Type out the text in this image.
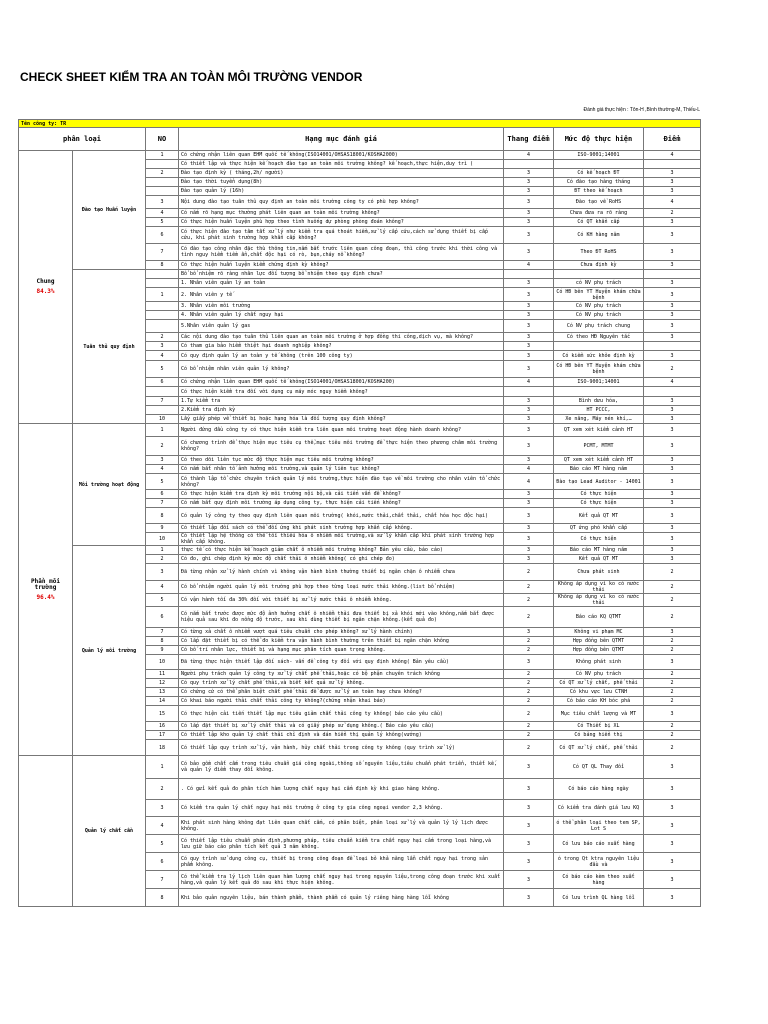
CHECK SHEET KIỂM TRA AN TOÀN MÔI TRƯỜNG VENDOR
Đánh giá thực hiện : Tôn-H ,Bình thường-M, Thiếu-L
Tên công ty: TR						
phân loại		NO	Hạng mục đánh giá	Thang điểm	Mức độ thực hiện	Điểm

Chung
84.3%	Đào tạo Huấn luyện	1	Có chứng nhận liên quan EHM quốc tế không(ISO14001/OHSAS18001/KOSHA2000)	4	ISO-9001;14001	4
			Có thiết lập và thực hiện kế hoạch đào tạo an toàn môi trường không? kế hoạch,thực hiện,duy trì (			
		2	Đào tạo định kỳ ( tháng,2h/ người)	3	Có kế hoạch ĐT	3
			Đào tạo thời tuyển dụng(8h)	3	Có đào tạo hàng tháng	3
			Đào tạo quản lý (16h)	3	ĐT theo kế hoạch	3
		3	Nội dung đào tạo tuân thủ quy định an toàn môi trường công ty có phù hợp không?	3	Đào tạo về RoHS	4
		4	Có nắm rõ hạng mục thường phát liên quan an toàn môi trường không?	3	Chưa đưa ra rõ ràng	2
		5	Có thực hiện huấn luyện phù hợp theo tình huống dự phòng phòng đoán không?	3	Có QT khẩn cấp	3
		6	Có thực hiện đào tạo tâm tất xử lý như kiểm tra quá thoát hiểm,xử lý cấp cứu,cách sử dụng thiết bị cấp cứu, khi phát sinh trường hợp khẩn cấp không?	3	Có KH hàng năm	3
		7	Có đào tạo công nhân đặc thù thông tin,nắm bắt trước liên quan công đoạn, thì công trước khi thời công và tình nguy hiểm tiềm ẩn,chất độc hại có rò, bụn,cháy nổ không?	3	Theo ĐT RoHS	3
		8	Có thực hiện huấn luyện kiểm chứng định kỳ không?	4	Chưa định kỳ	3
	Tuân thủ quy định		Bổ bổ nhiệm rõ ràng nhân lực đối tượng bổ nhiệm theo quy định chưa?			
			1. Nhân viên quản lý an toàn	3	có NV phụ trách	3
		1	2. Nhân viên y tế	3	Có HĐ bên YT Huyện khám chữa bệnh	3
			3. Nhân viên môi trường	3	Có NV phụ trách	3
			4. Nhân viên quản lý chất nguy hại	3	Có NV phụ trách	3
			5.Nhân viên quản lý gas	3	Có NV phụ trách chung	3
		2	Các nội dung đào tạo tuân thủ liên quan an toàn môi trường ở hợp đồng thi công,dịch vụ, mà không?	3	Có theo HĐ Nguyên tắc	3
		3	Có tham gia bảo hiểm thiệt hại doanh nghiệp không?	3		
		4	Có quy định quản lý an toàn y tế không (trên 100 công ty)	3	Có kiểm sức khỏe định kỳ	3
		5	Có bổ nhiệm nhân viên quản lý không?	3	Có HĐ bên YT Huyện khám chữa bệnh	2
		6	Có chứng nhận liên quan EHM quốc tế không(ISO14001/OHSAS18001/KOSHA200)	4	ISO-9001;14001	4
			Có thực hiện kiểm tra đối với dụng cụ máy móc nguy hiểm không?			
		7	1.Tự kiểm tra	3	Bình dưu hóa,	3
			2.Kiểm tra định kỳ	3	HT PCCC,	3
		10	Lấy giấy phép về thiết bị hoặc hạng hóa là đối tượng quy định không?	3	Xe nâng, Máy nén khí,…	3

Phần môi trường
96.4%	Môi trường hoạt động	1	Người đứng đầu công ty có thực hiện kiểm tra liên quan môi trường hoạt động hành doanh không?	3	QT xem xét kiểm cảnh HT	3
		2	Có chương trình để thực hiện mục tiêu cụ thể,mục tiêu môi trường để thực hiện theo phương châm môi trường không?	3	PCMT, MTMT	3
		3	Có theo dõi liên tục mức độ thực hiện mục tiêu môi trường không?	3	QT xem xét kiểm cảnh HT	3
		4	Có nắm bắt nhân tố ảnh hưởng môi trường,và quản lý liên tục không?	4	Báo cáo MT hàng năm	3
		5	Có thành lập tổ chức chuyên trách quản lý môi trường,thực hiện đào tạo về môi trường cho nhân viên tổ chức không?	4	Đào tạo Lead Auditor - 14001	3
		6	Có thực hiện kiểm tra định kỳ môi trường nội bộ,và cải tiến vấn đề không?	3	Có thực hiện	3
		7	Có nắm bắt quy định môi trường áp dụng công ty, thực hiện cải tiến không?	3	Có thực hiện	3
		8	Có quản lý công ty theo quy định liên quan môi trường( khói,nước thải,chất thải, chất hóa học độc hại)	3	Kết quả QT MT	3
		9	Có thiết lập đối sách có thể đối ứng khi phát sinh trường hợp khẩn cấp không.	3	QT ứng phó khẩn cấp	3
		10	Có thiết lập hệ thống có thể tối thiểu hóa ô nhiễm môi trường,và xử lý khẩn cấp khi phát sinh trường hợp khẩn cấp không.	3	Có thực hiện	3
	Quản lý môi trường	1	thực tế có thực hiện kế hoạch giảm chất ô nhiễm môi trường không? Bản yêu cầu, báo cáo)	3	Báo cáo MT hàng năm	3
		2	Có đo, ghi chép định kỳ mức độ chất thải ô nhiễm không( có ghi chép đo)	3	Kết quả QT MT	3
		3	Đã từng nhận xử lý hành chính vì không vận hành bình thường thiết bị ngăn chặn ô nhiễm chưa	2	Chưa phát sinh	2
		4	Có bổ nhiệm người quản lý môi trường phù hợp theo từng loại nước thải không.(list bổ nhiệm)	2	Không áp dụng vì ko có nước thải	2
		5	Có vận hành tối đa 30% đối với thiết bị xử lý nước thải ô nhiễm không.	2	Không áp dụng vì ko có nước thải	2
		6	Có nắm bắt trước được mức độ ảnh hưởng chất ô nhiễm thải đưa thiết bị xả khói mới vào không,nắm bắt được hiệu quả sau khi đo nồng độ trước, sau khi dùng thiết bị ngăn chặn không.(kết quả đo)	2	Báo cáo KQ QTMT	2
		7	Có từng xả chất ô nhiễm vượt quá tiêu chuẩn cho phép không? xử lý hành chính)	3	Không vi phạm MC	3
		8	Có lắp đặt thiết bị có thể đo kiểm tra vận hành bình thường trên thiết bị ngăn chặn không	2	Hợp đồng bên QTMT	2
		9	Có bố trí nhân lực, thiết bị và hạng mục phân tích quan trọng không.	2	Hợp đồng bên QTMT	2
		10	Đã từng thực hiện thiết lập đối sách- vấn đề công ty đối với quy định không( Bản yêu cầu)	3	Không phát sinh	3
		11	Người phụ trách quản lý công ty xử lý chất phế thải,hoặc có bộ phận chuyên trách không	2	Có NV phụ trách	2
		12	Có quy trình xử lý chất phế thải,và biết kết quả xử lý không.	2	Có QT xử lý chất, phế thải	2
		13	Có chứng cứ có thể phân biệt chất phế thải để được xử lý an toàn hay chưa không?	2	Có khu vực lưu CTNH	2
		14	Có khai báo người thải chất thải công ty không?(chứng nhận khai báo)	2	Có báo cáo KH bóc phá	2
		15	Có thực hiện cải tiến thiết lập mục tiêu giảm chất thải công ty không( báo cáo yêu cầu)	2	Mục tiêu chất lượng và MT	3
		16	Có lắp đặt thiết bị xử lý chất thải và có giấy phép sử dụng không.( Báo cáo yêu cầu)	2	Có Thiết bị XL	2
		17	Có thiết lập kho quản lý chất thải chỉ định và dán hiển thị quản lý không(vướng)	2	Có bảng hiển thị	2
		18	Có thiết lập quy trình xử lý, vận hành, hủy chất thải trong công ty không (quy trình xử lý)	2	Có QT xử lý chất, phế thải	2
	Quản lý chất cần	1	Có bảo gồm chất cấm trong tiêu chuẩn giá công ngoài,thông số nguyên liệu,tiêu chuẩn phát triển, thiết kế, và quản lý điểm thay đổi không.	3	Có QT QL Thay đổi	3
		2	. Có gửi kết quả đo phân tích hàm lượng chất nguy hại cấm định kỳ khi giao hàng không.	3	Có báo cáo hàng ngày	3
		3	Có kiểm tra quản lý chất nguy hại môi trường ở công ty gia công ngoại vendor 2,3 không.	3	Có kiểm tra đánh giá lưu KQ	3
		4	Khi phát sinh hàng không đạt liên quan chất cấm, có phân biệt, phân loại xử lý và quản lý lý lịch được không.	3	ó thể phân loại theo tem SP, Lot S	3
		5	Có thiết lập tiêu chuẩn phán định,phương pháp, tiêu chuẩn kiểm tra chất nguy hại cấm trong loại hàng,và lưu giữ báo cáo phân tích kết quả 3 năm không.	3	Có lưu báo cáo xuất hàng	3
		6	Có quy trình sử dụng công cụ, thiết bị trong công đoạn để loại bỏ khả năng lẫn chất nguy hại trong sản phẩm không.	3	ó trong Qt ktra nguyên liệu đầu và	3
		7	Có thể kiểm tra lý lịch liên quan hàm lượng chất nguy hại trong nguyên liệu,trong công đoạn trước khi xuất hàng,và quản lý kết quả đó sau khi thực hiện không.	3	Có báo cáo kèm theo xuất hàng	3
		8	Khi bảo quản nguyên liệu, bán thành phẩm, thành phẩm có quản lý riêng hàng hàng lỗi không	3	Có lưu trình QL hàng lỗi	3
